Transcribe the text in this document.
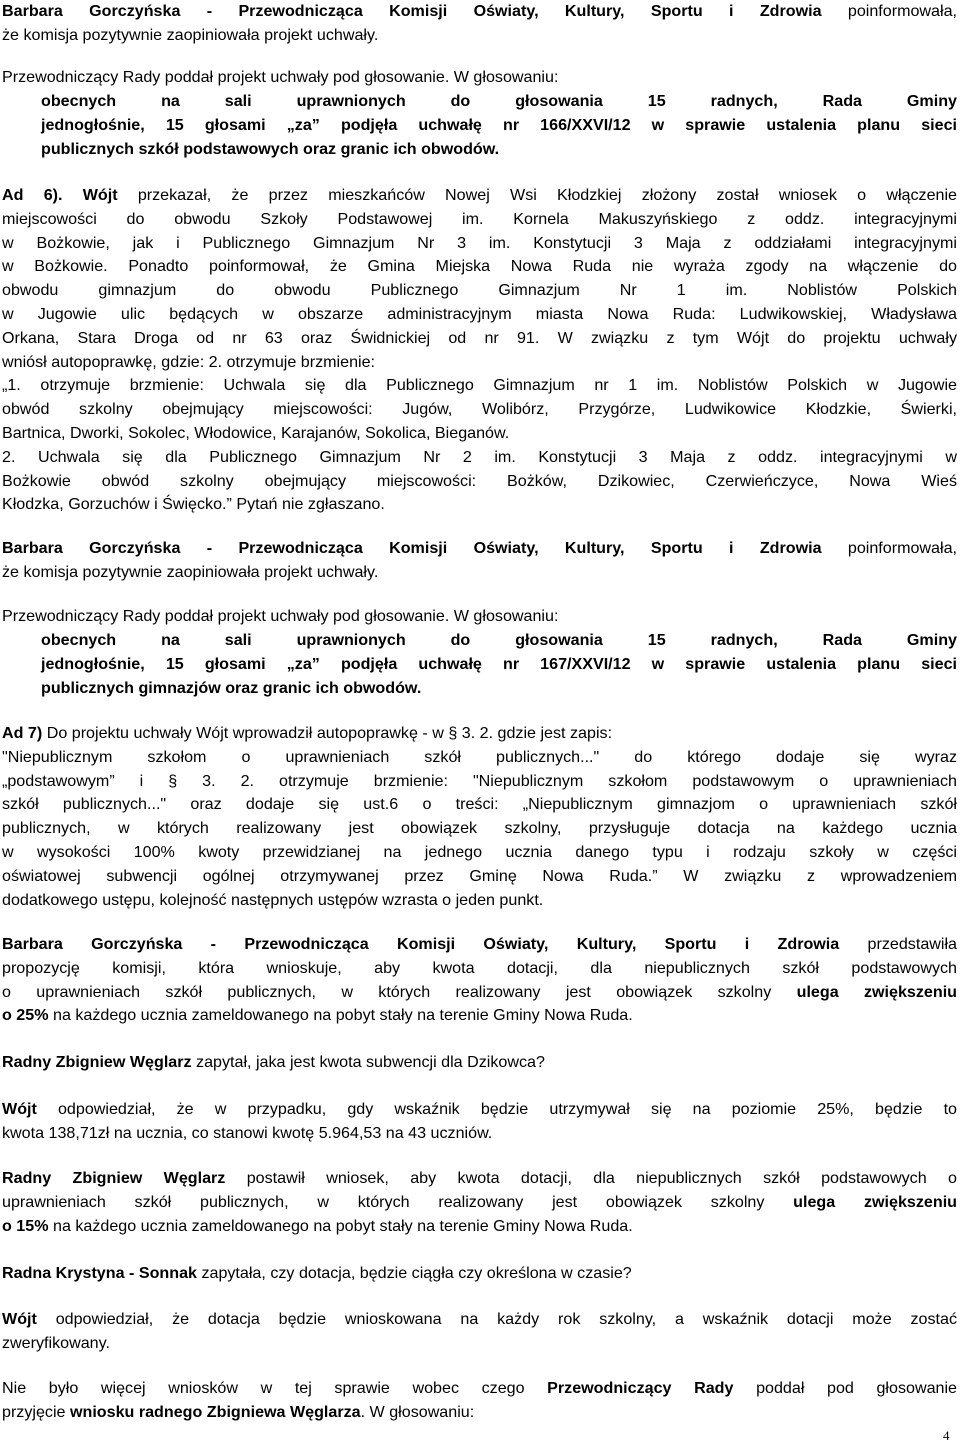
Barbara Gorczyńska - Przewodnicząca Komisji Oświaty, Kultury, Sportu i Zdrowia poinformowała,
że komisja pozytywnie zaopiniowała projekt uchwały.
Przewodniczący Rady poddał projekt uchwały pod głosowanie. W głosowaniu:
obecnych na sali uprawnionych do głosowania 15 radnych, Rada Gminy
jednogłośnie, 15 głosami „za” podjęła uchwałę nr 166/XXVI/12 w sprawie ustalenia planu sieci
publicznych szkół podstawowych oraz granic ich obwodów.
Ad 6). Wójt przekazał, że przez mieszkańców Nowej Wsi Kłodzkiej złożony został wniosek o włączenie
miejscowości do obwodu Szkoły Podstawowej im. Kornela Makuszyńskiego z oddz. integracyjnymi
w Bożkowie, jak i Publicznego Gimnazjum Nr 3 im. Konstytucji 3 Maja z oddziałami integracyjnymi
w Bożkowie. Ponadto poinformował, że Gmina Miejska Nowa Ruda nie wyraża zgody na włączenie do
obwodu gimnazjum do obwodu Publicznego Gimnazjum Nr 1 im. Noblistów Polskich
w Jugowie ulic będących w obszarze administracyjnym miasta Nowa Ruda: Ludwikowskiej, Władysława
Orkana, Stara Droga od nr 63 oraz Świdnickiej od nr 91. W związku z tym Wójt do projektu uchwały
wniósł autopoprawkę, gdzie: 2. otrzymuje brzmienie:
„1. otrzymuje brzmienie: Uchwala się dla Publicznego Gimnazjum nr 1 im. Noblistów Polskich w Jugowie
obwód szkolny obejmujący miejscowości: Jugów, Wolibórz, Przygórze, Ludwikowice Kłodzkie, Świerki,
Bartnica, Dworki, Sokolec, Włodowice, Karajanów, Sokolica, Bieganów.
2. Uchwala się dla Publicznego Gimnazjum Nr 2 im. Konstytucji 3 Maja z oddz. integracyjnymi w
Bożkowie obwód szkolny obejmujący miejscowości: Bożków, Dzikowiec, Czerwieńczyce, Nowa Wieś
Kłodzka, Gorzuchów i Święcko.” Pytań nie zgłaszano.
Barbara Gorczyńska - Przewodnicząca Komisji Oświaty, Kultury, Sportu i Zdrowia poinformowała,
że komisja pozytywnie zaopiniowała projekt uchwały.
Przewodniczący Rady poddał projekt uchwały pod głosowanie. W głosowaniu:
obecnych na sali uprawnionych do głosowania 15 radnych, Rada Gminy
jednogłośnie, 15 głosami „za” podjęła uchwałę nr 167/XXVI/12 w sprawie ustalenia planu sieci
publicznych gimnazjów oraz granic ich obwodów.
Ad 7) Do projektu uchwały Wójt wprowadził autopoprawkę - w § 3. 2. gdzie jest zapis:
"Niepublicznym szkołom o uprawnieniach szkół publicznych..." do którego dodaje się wyraz
„podstawowym” i § 3. 2. otrzymuje brzmienie: "Niepublicznym szkołom podstawowym o uprawnieniach
szkół publicznych..." oraz dodaje się ust.6 o treści: „Niepublicznym gimnazjom o uprawnieniach szkół
publicznych, w których realizowany jest obowiązek szkolny, przysługuje dotacja na każdego ucznia
w wysokości 100% kwoty przewidzianej na jednego ucznia danego typu i rodzaju szkoły w części
oświatowej subwencji ogólnej otrzymywanej przez Gminę Nowa Ruda.” W związku z wprowadzeniem
dodatkowego ustępu, kolejność następnych ustępów wzrasta o jeden punkt.
Barbara Gorczyńska - Przewodnicząca Komisji Oświaty, Kultury, Sportu i Zdrowia przedstawiła
propozycję komisji, która wnioskuje, aby kwota dotacji, dla niepublicznych szkół podstawowych
o uprawnieniach szkół publicznych, w których realizowany jest obowiązek szkolny ulega zwiększeniu
o 25% na każdego ucznia zameldowanego na pobyt stały na terenie Gminy Nowa Ruda.
Radny Zbigniew Węglarz zapytał, jaka jest kwota subwencji dla Dzikowca?
Wójt odpowiedział, że w przypadku, gdy wskaźnik będzie utrzymywał się na poziomie 25%, będzie to
kwota 138,71zł na ucznia, co stanowi kwotę 5.964,53 na 43 uczniów.
Radny Zbigniew Węglarz postawił wniosek, aby kwota dotacji, dla niepublicznych szkół podstawowych o
uprawnieniach szkół publicznych, w których realizowany jest obowiązek szkolny ulega zwiększeniu
o 15% na każdego ucznia zameldowanego na pobyt stały na terenie Gminy Nowa Ruda.
Radna Krystyna - Sonnak zapytała, czy dotacja, będzie ciągła czy określona w czasie?
Wójt odpowiedział, że dotacja będzie wnioskowana na każdy rok szkolny, a wskaźnik dotacji może zostać
zweryfikowany.
Nie było więcej wniosków w tej sprawie wobec czego Przewodniczący Rady poddał pod głosowanie
przyjęcie wniosku radnego Zbigniewa Węglarza. W głosowaniu:
4
